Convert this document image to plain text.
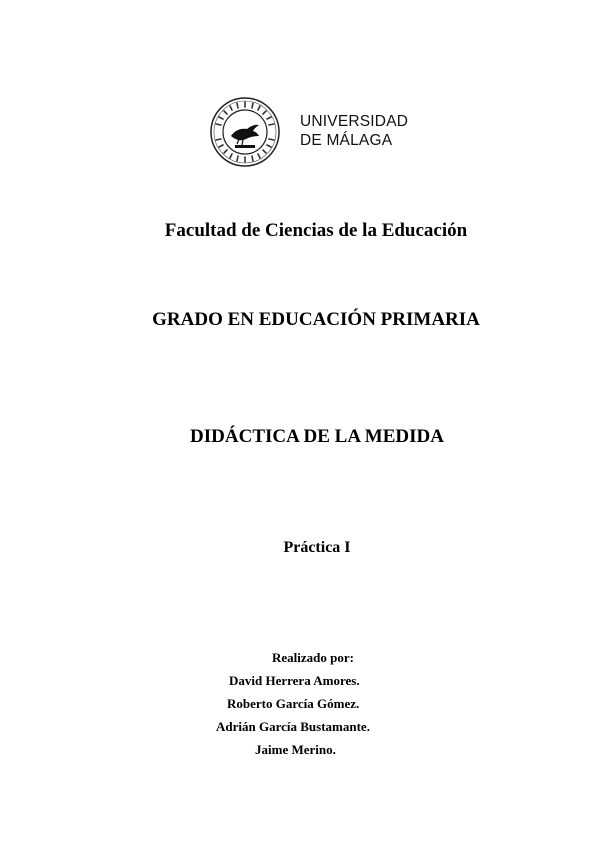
UNIVERSIDAD
DE MÁLAGA
Facultad de Ciencias de la Educación
GRADO EN EDUCACIÓN PRIMARIA
DIDÁCTICA DE LA MEDIDA
Práctica I
Realizado por:
David Herrera Amores.
Roberto García Gómez.
Adrián García Bustamante.
Jaime Merino.
